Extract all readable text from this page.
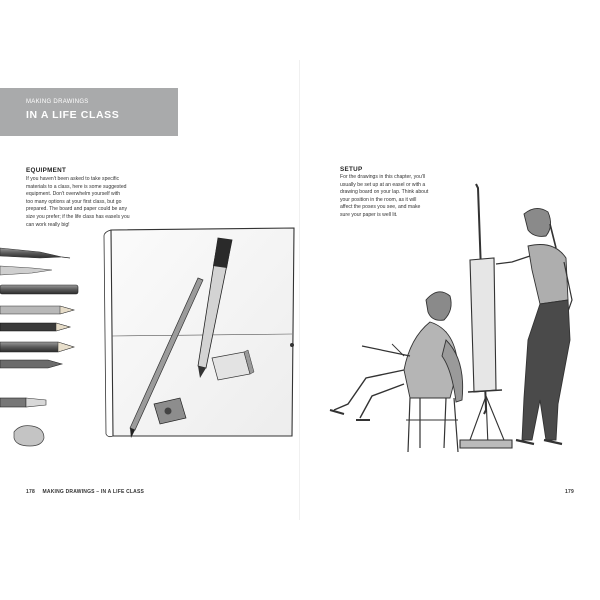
MAKING DRAWINGS
IN A LIFE CLASS
EQUIPMENT
If you haven't been asked to take specific
materials to a class, here is some suggested
equipment. Don't overwhelm yourself with
too many options at your first class, but go
prepared. The board and paper could be any
size you prefer; if the life class has easels you
can work really big!
•
•
•
•
•
•
•
•
•
•
•
•
•
•
•
•
•
178 MAKING DRAWINGS – IN A LIFE CLASS
SETUP
For the drawings in this chapter, you'll
usually be set up at an easel or with a
drawing board on your lap. Think about
your position in the room, as it will
affect the poses you see, and make
sure your paper is well lit.
179
